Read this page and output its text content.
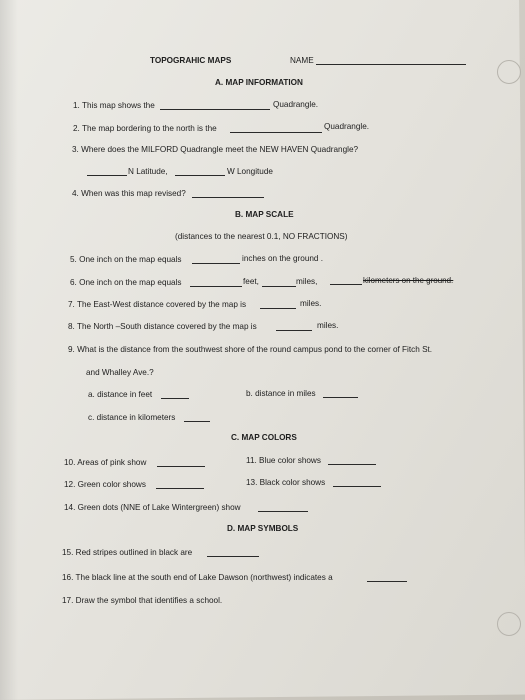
TOPOGRAHIC MAPS	NAME
A. MAP INFORMATION
1. This map shows the	Quadrangle.
2. The map bordering to the north is the	Quadrangle.
3. Where does the MILFORD Quadrangle meet the NEW HAVEN Quadrangle?
N Latitude,	W Longitude
4. When was this map revised?
B. MAP SCALE
(distances to the nearest 0.1, NO FRACTIONS)
5. One inch on the map equals	inches on the ground .
6. One inch on the map equals	feet,	miles,	kilometers on the ground.
7. The East-West distance covered by the map is	miles.
8. The North –South distance covered by the map is	miles.
9. What is the distance from the southwest shore of the round campus pond to the corner of Fitch St.
and Whalley Ave.?
a. distance in feet	b. distance in miles
c. distance in kilometers
C. MAP COLORS
10. Areas of pink show	11. Blue color shows
12. Green color shows	13. Black color shows
14. Green dots (NNE of Lake Wintergreen) show
D. MAP SYMBOLS
15. Red stripes outlined in black are
16. The black line at the south end of Lake Dawson (northwest) indicates a
17. Draw the symbol that identifies a school.
